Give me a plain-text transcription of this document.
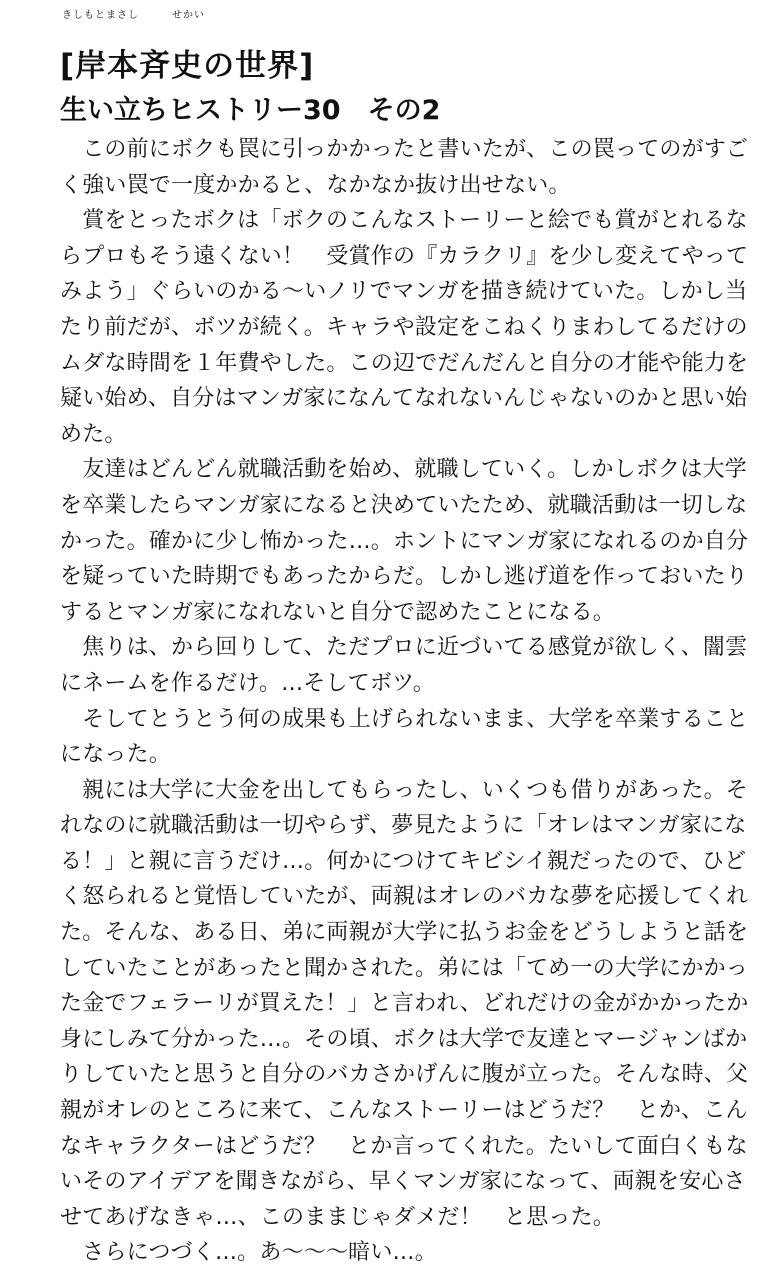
きしもとまさし　　　せかい
[岸本斉史の世界]
生い立ちヒストリー30　その2
　この前にボクも罠に引っかかったと書いたが、この罠ってのがすご
く強い罠で一度かかると、なかなか抜け出せない。
　賞をとったボクは「ボクのこんなストーリーと絵でも賞がとれるな
らプロもそう遠くない！　受賞作の『カラクリ』を少し変えてやって
みよう」ぐらいのかる〜いノリでマンガを描き続けていた。しかし当
たり前だが、ボツが続く。キャラや設定をこねくりまわしてるだけの
ムダな時間を１年費やした。この辺でだんだんと自分の才能や能力を
疑い始め、自分はマンガ家になんてなれないんじゃないのかと思い始
めた。
　友達はどんどん就職活動を始め、就職していく。しかしボクは大学
を卒業したらマンガ家になると決めていたため、就職活動は一切しな
かった。確かに少し怖かった…。ホントにマンガ家になれるのか自分
を疑っていた時期でもあったからだ。しかし逃げ道を作っておいたり
するとマンガ家になれないと自分で認めたことになる。
　焦りは、から回りして、ただプロに近づいてる感覚が欲しく、闇雲
にネームを作るだけ。…そしてボツ。
　そしてとうとう何の成果も上げられないまま、大学を卒業すること
になった。
　親には大学に大金を出してもらったし、いくつも借りがあった。そ
れなのに就職活動は一切やらず、夢見たように「オレはマンガ家にな
る！」と親に言うだけ…。何かにつけてキビシイ親だったので、ひど
く怒られると覚悟していたが、両親はオレのバカな夢を応援してくれ
た。そんな、ある日、弟に両親が大学に払うお金をどうしようと話を
していたことがあったと聞かされた。弟には「てめ一の大学にかかっ
た金でフェラーリが買えた！」と言われ、どれだけの金がかかったか
身にしみて分かった…。その頃、ボクは大学で友達とマージャンばか
りしていたと思うと自分のバカさかげんに腹が立った。そんな時、父
親がオレのところに来て、こんなストーリーはどうだ？　とか、こん
なキャラクターはどうだ？　とか言ってくれた。たいして面白くもな
いそのアイデアを聞きながら、早くマンガ家になって、両親を安心さ
せてあげなきゃ…、このままじゃダメだ！　と思った。
　さらにつづく…。あ〜〜〜暗い…。
